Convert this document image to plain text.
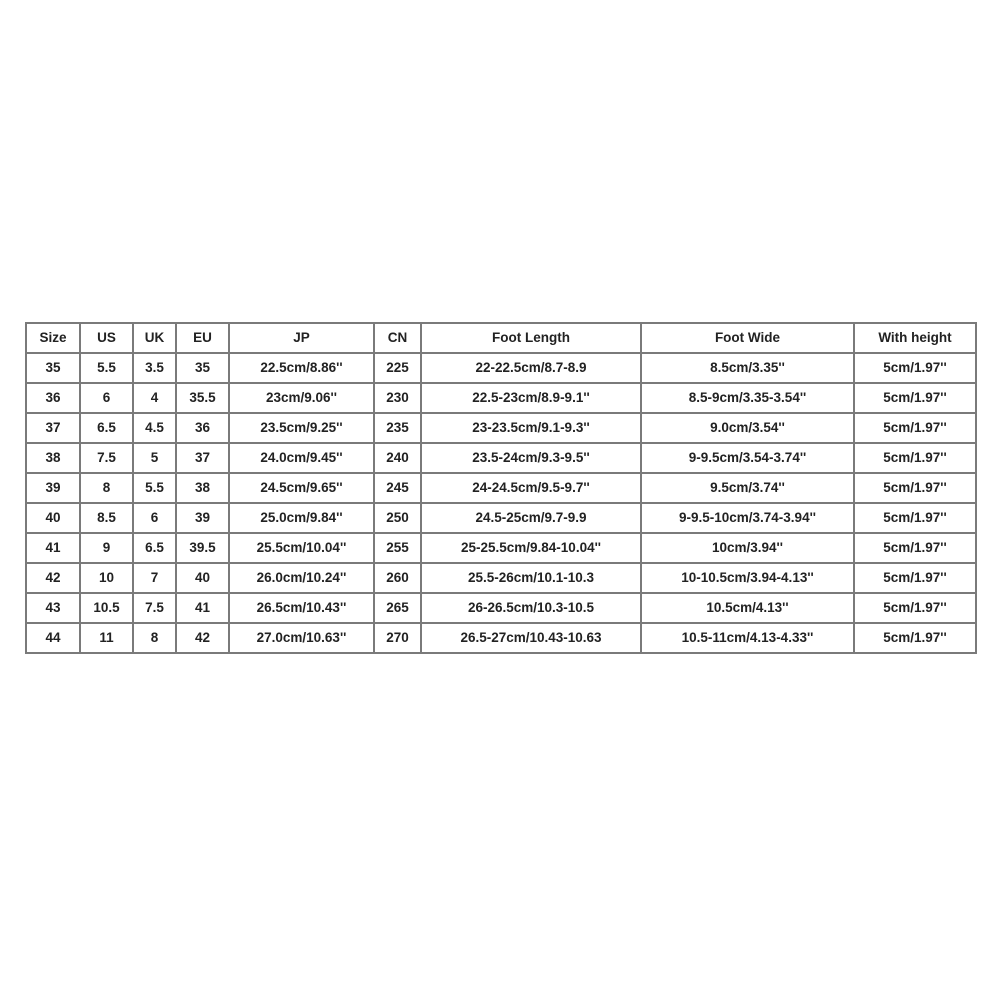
Size	US	UK	EU	JP	CN	Foot Length	Foot Wide	With height
35	5.5	3.5	35	22.5cm/8.86''	225	22-22.5cm/8.7-8.9	8.5cm/3.35''	5cm/1.97''
36	6	4	35.5	23cm/9.06''	230	22.5-23cm/8.9-9.1''	8.5-9cm/3.35-3.54''	5cm/1.97''
37	6.5	4.5	36	23.5cm/9.25''	235	23-23.5cm/9.1-9.3''	9.0cm/3.54''	5cm/1.97''
38	7.5	5	37	24.0cm/9.45''	240	23.5-24cm/9.3-9.5''	9-9.5cm/3.54-3.74''	5cm/1.97''
39	8	5.5	38	24.5cm/9.65''	245	24-24.5cm/9.5-9.7''	9.5cm/3.74''	5cm/1.97''
40	8.5	6	39	25.0cm/9.84''	250	24.5-25cm/9.7-9.9	9-9.5-10cm/3.74-3.94''	5cm/1.97''
41	9	6.5	39.5	25.5cm/10.04''	255	25-25.5cm/9.84-10.04''	10cm/3.94''	5cm/1.97''
42	10	7	40	26.0cm/10.24''	260	25.5-26cm/10.1-10.3	10-10.5cm/3.94-4.13''	5cm/1.97''
43	10.5	7.5	41	26.5cm/10.43''	265	26-26.5cm/10.3-10.5	10.5cm/4.13''	5cm/1.97''
44	11	8	42	27.0cm/10.63''	270	26.5-27cm/10.43-10.63	10.5-11cm/4.13-4.33''	5cm/1.97''
